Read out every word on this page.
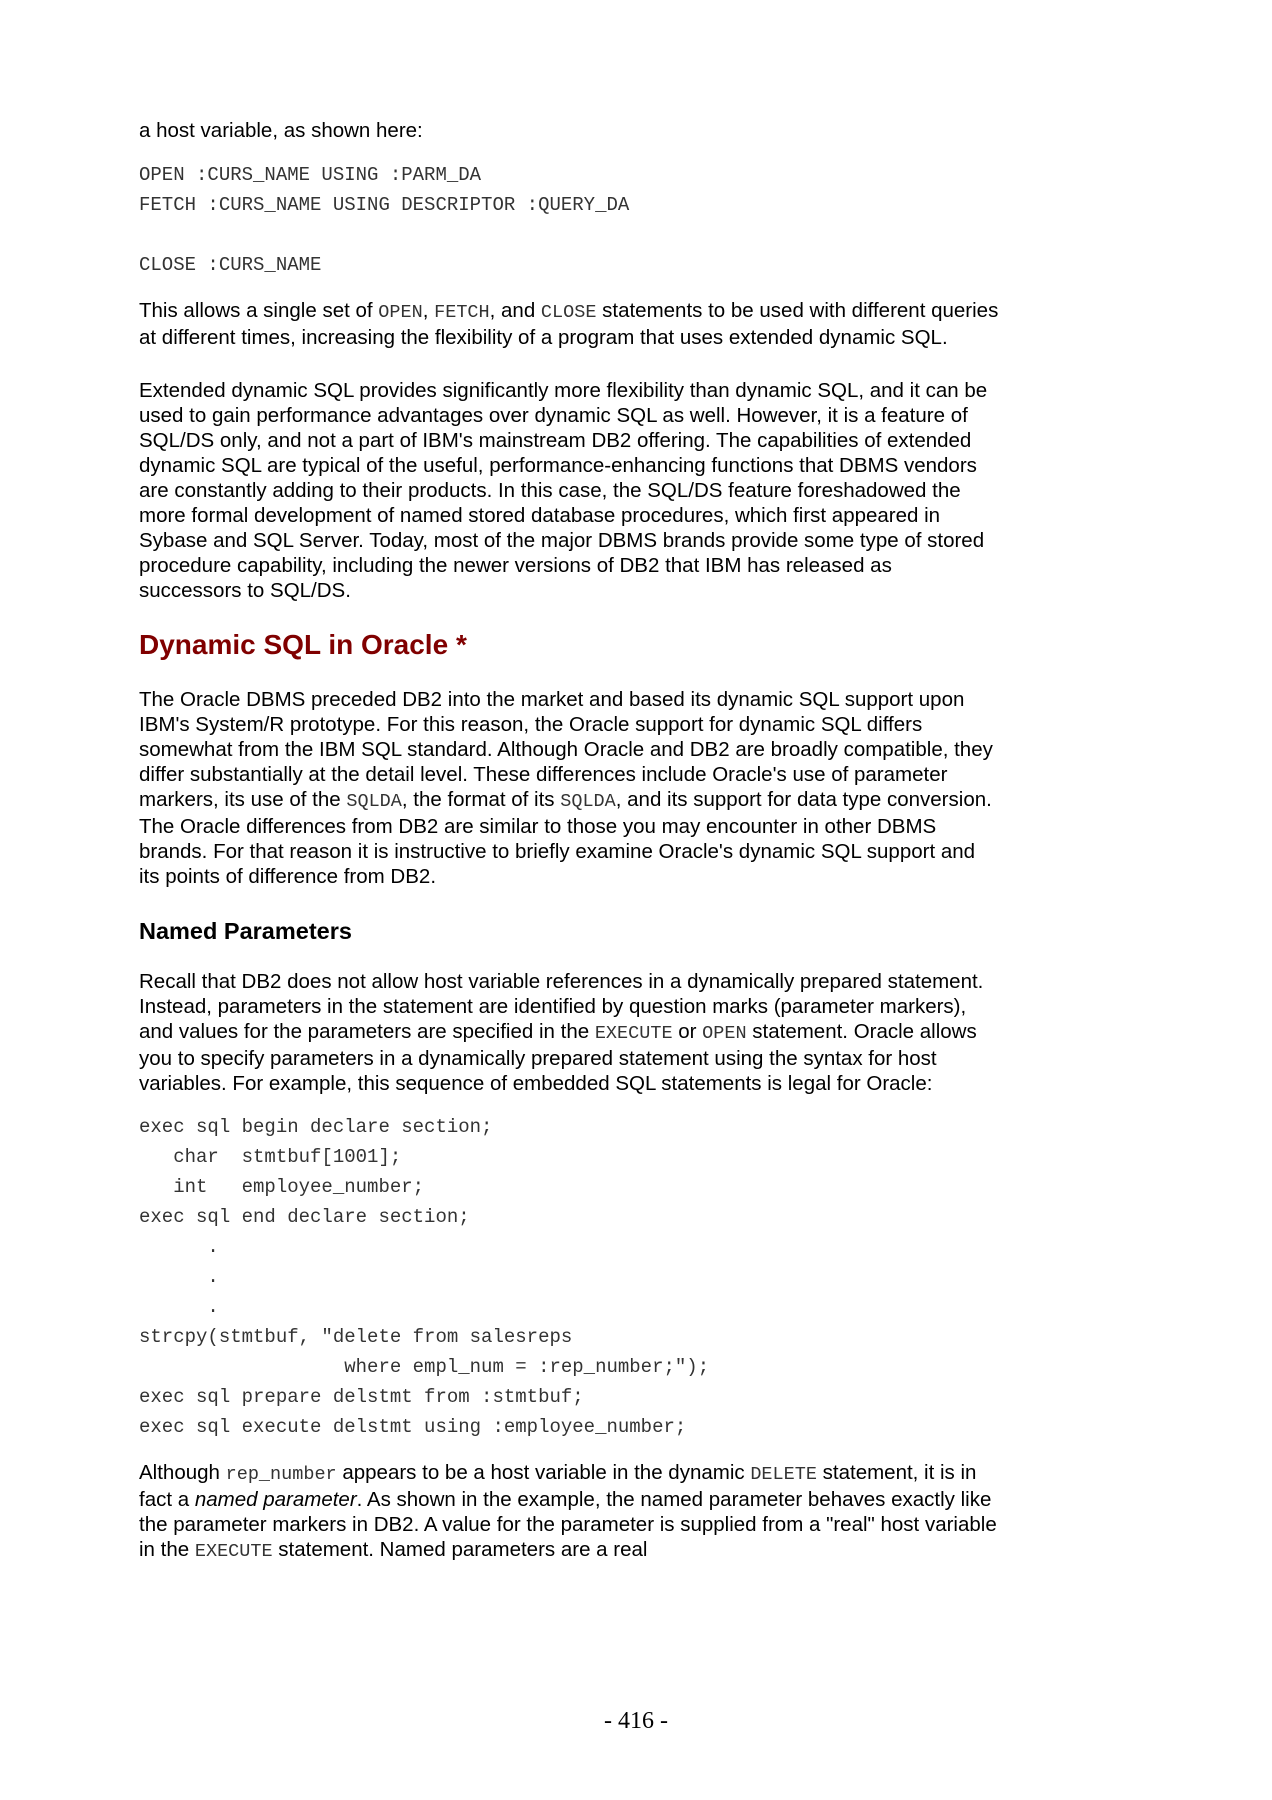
a host variable, as shown here:

OPEN :CURS_NAME USING :PARM_DA
FETCH :CURS_NAME USING DESCRIPTOR :QUERY_DA
CLOSE :CURS_NAME

This allows a single set of OPEN, FETCH, and CLOSE statements to be used with different queries at different times, increasing the flexibility of a program that uses extended dynamic SQL.

Extended dynamic SQL provides significantly more flexibility than dynamic SQL, and it can be used to gain performance advantages over dynamic SQL as well. However, it is a feature of SQL/DS only, and not a part of IBM's mainstream DB2 offering. The capabilities of extended dynamic SQL are typical of the useful, performance-enhancing functions that DBMS vendors are constantly adding to their products. In this case, the SQL/DS feature foreshadowed the more formal development of named stored database procedures, which first appeared in Sybase and SQL Server. Today, most of the major DBMS brands provide some type of stored procedure capability, including the newer versions of DB2 that IBM has released as successors to SQL/DS.

Dynamic SQL in Oracle *

The Oracle DBMS preceded DB2 into the market and based its dynamic SQL support upon IBM's System/R prototype. For this reason, the Oracle support for dynamic SQL differs somewhat from the IBM SQL standard. Although Oracle and DB2 are broadly compatible, they differ substantially at the detail level. These differences include Oracle's use of parameter markers, its use of the SQLDA, the format of its SQLDA, and its support for data type conversion. The Oracle differences from DB2 are similar to those you may encounter in other DBMS brands. For that reason it is instructive to briefly examine Oracle's dynamic SQL support and its points of difference from DB2.

Named Parameters

Recall that DB2 does not allow host variable references in a dynamically prepared statement. Instead, parameters in the statement are identified by question marks (parameter markers), and values for the parameters are specified in the EXECUTE or OPEN statement. Oracle allows you to specify parameters in a dynamically prepared statement using the syntax for host variables. For example, this sequence of embedded SQL statements is legal for Oracle:

exec sql begin declare section;
char  stmtbuf[1001];
int   employee_number;
exec sql end declare section;
.
.
.
strcpy(stmtbuf, "delete from salesreps
where empl_num = :rep_number;");
exec sql prepare delstmt from :stmtbuf;
exec sql execute delstmt using :employee_number;

Although rep_number appears to be a host variable in the dynamic DELETE statement, it is in fact a named parameter. As shown in the example, the named parameter behaves exactly like the parameter markers in DB2. A value for the parameter is supplied from a "real" host variable in the EXECUTE statement. Named parameters are a real

- 416 -
